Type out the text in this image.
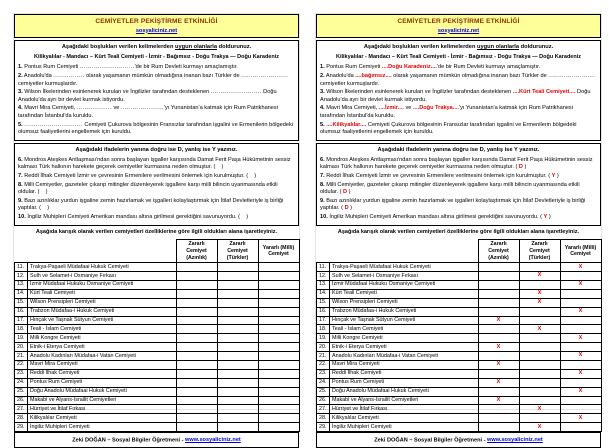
CEMİYETLER PEKİŞTİRME ETKİNLİĞİ
sosyaliciniz.net
Aşağıdaki boşlukları verilen kelimelerden uygun olanlarla doldurunuz.
Kilikyalılar - Mandacı – Kürt Teali Cemiyeti - İzmir - Bağımsız - Doğu Trakya — Doğu Karadeniz
1. Pontus Rum Cemiyeti ............................'de bir Rum Devleti kurmayı amaçlamıştır.
2. Anadolu'da ................ olarak yaşamanın mümkün olmadığına inanan bazı Türkler de ........................ cemiyetler kurmuşlardır.
3. Wilson İlkelerinden esinlenerek kurulan ve İngilizler tarafından desteklenen .......................... Doğu Anadolu'da ayrı bir devlet kurmak istiyordu.
4. Mavri Mira Cemiyeti, .................. ve ......................'yı Yunanistan'a katmak için Rum Patrikhanesi tarafından İstanbul'da kuruldu.
5. .............................. Cemiyeti Çukurova bölgesinin Fransızlar tarafından işgalini ve Ermenilerin bölgedeki olumsuz faaliyetlerini engellemek için kuruldu.
Aşağıdaki ifadelerin yanına doğru ise D, yanlış ise Y yazınız.
6. Mondros Ateşkes Antlaşması'ndan sonra başlayan işgaller karşısında Damat Ferit Paşa Hükümetinin sessiz kalması Türk halkının harekete geçerek cemiyetler kurmasına neden olmuştur. (    )
7. Reddi İlhak Cemiyeti İzmir ve çevresinin Ermenilere verilmesini önlemek için kurulmuştur. (    )
8. Milli Cemiyetler, gazeteler çıkarıp mitingler düzenleyerek işgallere karşı milli bilincin uyanmasında etkili oldular. (    )
9. Bazı azınlıklar yurdun işgaline zemin hazırlamak ve işgalleri kolaylaştırmak için İtilaf Devletleriyle iş birliği yaptılar. (    )
10. İngiliz Muhipleri Cemiyeti Amerikan mandası altına girilmesi gerektiğini savunuyordu. (    )
Aşağıda karışık olarak verilen cemiyetleri özelliklerine göre ilgili oldukları alana işaretleyiniz.
		Zararlı Cemiyet (Azınlık)	Zararlı Cemiyet (Türkler)	Yararlı (Milli) Cemiyet
11.	Trakya-Paşaeli Müdafaai Hukuk Cemiyeti			
12.	Sulh ve Selamet-i Osmaniye Fırkası			
13.	İzmir Müdafaai Hukuku Osmaniye Cemiyeti			
14.	Kürt Teali Cemiyeti			
15.	Wilson Prensipleri Cemiyeti			
16.	Trabzon Müdafaa-i Hukuk Cemiyeti			
17.	Hınçak ve Taşnak Sütyun Cemiyeti			
18.	Teali - İslam Cemiyeti			
19.	Milli Kongre Cemiyeti			
20.	Etnik-i Eterya Cemiyeti			
21.	Anadolu Kadınları Müdafaa-i Vatan Cemiyeti			
22.	Mavri Mira Cemiyeti			
23.	Reddi İlhak Cemiyeti			
24.	Pontus Rum Cemiyeti			
25.	Doğu Anadolu Müdafaai Hukuk Cemiyeti			
26.	Makabi ve Alyans-İsrailit Cemiyetleri			
27.	Hürriyet ve İtilaf Fırkası			
28.	Kilikyalılar Cemiyeti			
29.	İngiliz Muhipleri Cemiyeti			
Zeki DOĞAN – Sosyal Bilgiler Öğretmeni - www.sosyaliciniz.net
CEMİYETLER PEKİŞTİRME ETKİNLİĞİ
sosyaliciniz.net
Aşağıdaki boşlukları verilen kelimelerden uygun olanlarla doldurunuz.
Kilikyalılar - Mandacı – Kürt Teali Cemiyeti - İzmir - Bağımsız - Doğu Trakya — Doğu Karadeniz
1. Pontus Rum Cemiyeti ....Doğu Karadeniz....'de bir Rum Devleti kurmayı amaçlamıştır.
2. Anadolu'da ....bağımsız.... olarak yaşamanın mümkün olmadığına inanan bazı Türkler de ........................ cemiyetler kurmuşlardır.
3. Wilson İlkelerinden esinlenerek kurulan ve İngilizler tarafından desteklenen ....Kürt Teali Cemiyeti.... Doğu Anadolu'da ayrı bir devlet kurmak istiyordu.
4. Mavri Mira Cemiyeti, ....İzmir.... ve ....Doğu Trakya....'yı Yunanistan'a katmak için Rum Patrikhanesi tarafından İstanbul'da kuruldu.
5. ....Kilikyalılar.... Cemiyeti Çukurova bölgesinin Fransızlar tarafından işgalini ve Ermenilerin bölgedeki olumsuz faaliyetlerini engellemek için kuruldu.
Aşağıdaki ifadelerin yanına doğru ise D, yanlış ise Y yazınız.
6. Mondros Ateşkes Antlaşması'ndan sonra başlayan işgaller karşısında Damat Ferit Paşa Hükümetinin sessiz kalması Türk halkının harekete geçerek cemiyetler kurmasına neden olmuştur. ( D )
7. Reddi İlhak Cemiyeti İzmir ve çevresinin Ermenilere verilmesini önlemek için kurulmuştur. ( Y )
8. Milli Cemiyetler, gazeteler çıkarıp mitingler düzenleyerek işgallere karşı milli bilincin uyanmasında etkili oldular. ( D )
9. Bazı azınlıklar yurdun işgaline zemin hazırlamak ve işgalleri kolaylaştırmak için İtilaf Devletleriyle iş birliği yaptılar. ( D )
10. İngiliz Muhipleri Cemiyeti Amerikan mandası altına girilmesi gerektiğini savunuyordu. ( Y )
Aşağıda karışık olarak verilen cemiyetleri özelliklerine göre ilgili oldukları alana işaretleyiniz.
		Zararlı Cemiyet (Azınlık)	Zararlı Cemiyet (Türkler)	Yararlı (Milli) Cemiyet
11.	Trakya-Paşaeli Müdafaai Hukuk Cemiyeti			X
12.	Sulh ve Selamet-i Osmaniye Fırkası		X	
13.	İzmir Müdafaai Hukuku Osmaniye Cemiyeti			X
14.	Kürt Teali Cemiyeti		X	
15.	Wilson Prensipleri Cemiyeti		X	
16.	Trabzon Müdafaa-i Hukuk Cemiyeti			X
17.	Hınçak ve Taşnak Sütyun Cemiyeti	X		
18.	Teali - İslam Cemiyeti		X	
19.	Milli Kongre Cemiyeti			X
20.	Etnik-i Eterya Cemiyeti	X		
21.	Anadolu Kadınları Müdafaa-i Vatan Cemiyeti			X
22.	Mavri Mira Cemiyeti	X		
23.	Reddi İlhak Cemiyeti			X
24.	Pontus Rum Cemiyeti	X		
25.	Doğu Anadolu Müdafaai Hukuk Cemiyeti			X
26.	Makabi ve Alyans-İsrailit Cemiyetleri	X		
27.	Hürriyet ve İtilaf Fırkası		X	
28.	Kilikyalılar Cemiyeti			X
29.	İngiliz Muhipleri Cemiyeti		X	
Zeki DOĞAN – Sosyal Bilgiler Öğretmeni - www.sosyaliciniz.net
